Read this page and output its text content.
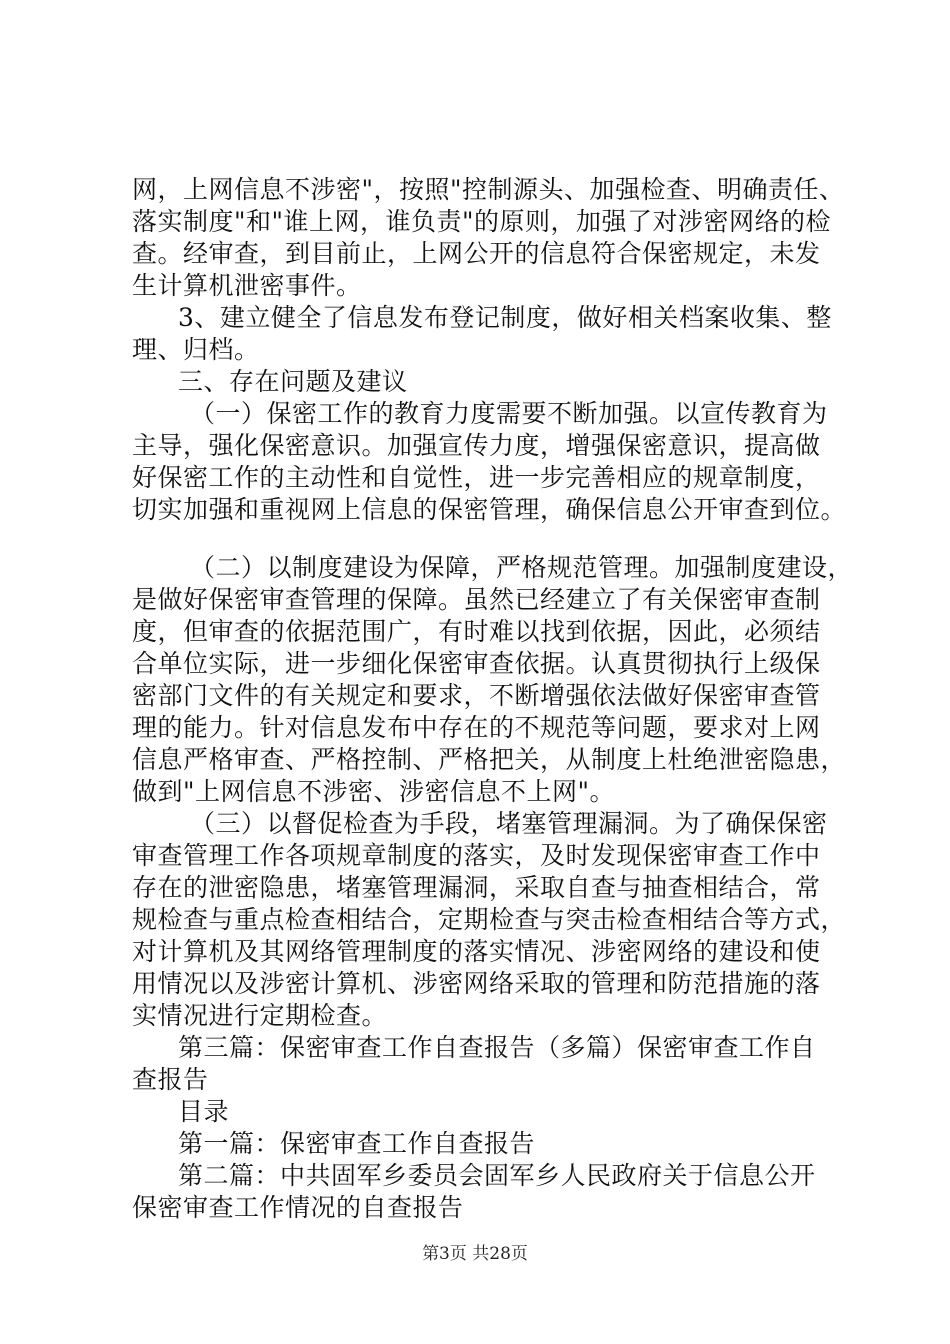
网，上网信息不涉密"，按照"控制源头、加强检查、明确责任、

落实制度"和"谁上网，谁负责"的原则，加强了对涉密网络的检

查。经审查，到目前止，上网公开的信息符合保密规定，未发

生计算机泄密事件。

3、建立健全了信息发布登记制度，做好相关档案收集、整

理、归档。

三、存在问题及建议

（一）保密工作的教育力度需要不断加强。以宣传教育为

主导，强化保密意识。加强宣传力度，增强保密意识，提高做

好保密工作的主动性和自觉性，进一步完善相应的规章制度，

切实加强和重视网上信息的保密管理，确保信息公开审查到位。

（二）以制度建设为保障，严格规范管理。加强制度建设，

是做好保密审查管理的保障。虽然已经建立了有关保密审查制

度，但审查的依据范围广，有时难以找到依据，因此，必须结

合单位实际，进一步细化保密审查依据。认真贯彻执行上级保

密部门文件的有关规定和要求，不断增强依法做好保密审查管

理的能力。针对信息发布中存在的不规范等问题，要求对上网

信息严格审查、严格控制、严格把关，从制度上杜绝泄密隐患，

做到"上网信息不涉密、涉密信息不上网"。

（三）以督促检查为手段，堵塞管理漏洞。为了确保保密

审查管理工作各项规章制度的落实，及时发现保密审查工作中

存在的泄密隐患，堵塞管理漏洞，采取自查与抽查相结合，常

规检查与重点检查相结合，定期检查与突击检查相结合等方式，

对计算机及其网络管理制度的落实情况、涉密网络的建设和使

用情况以及涉密计算机、涉密网络采取的管理和防范措施的落

实情况进行定期检查。

第三篇：保密审查工作自查报告（多篇）保密审查工作自

查报告

目录

第一篇：保密审查工作自查报告

第二篇：中共固军乡委员会固军乡人民政府关于信息公开

保密审查工作情况的自查报告

第3页 共28页
